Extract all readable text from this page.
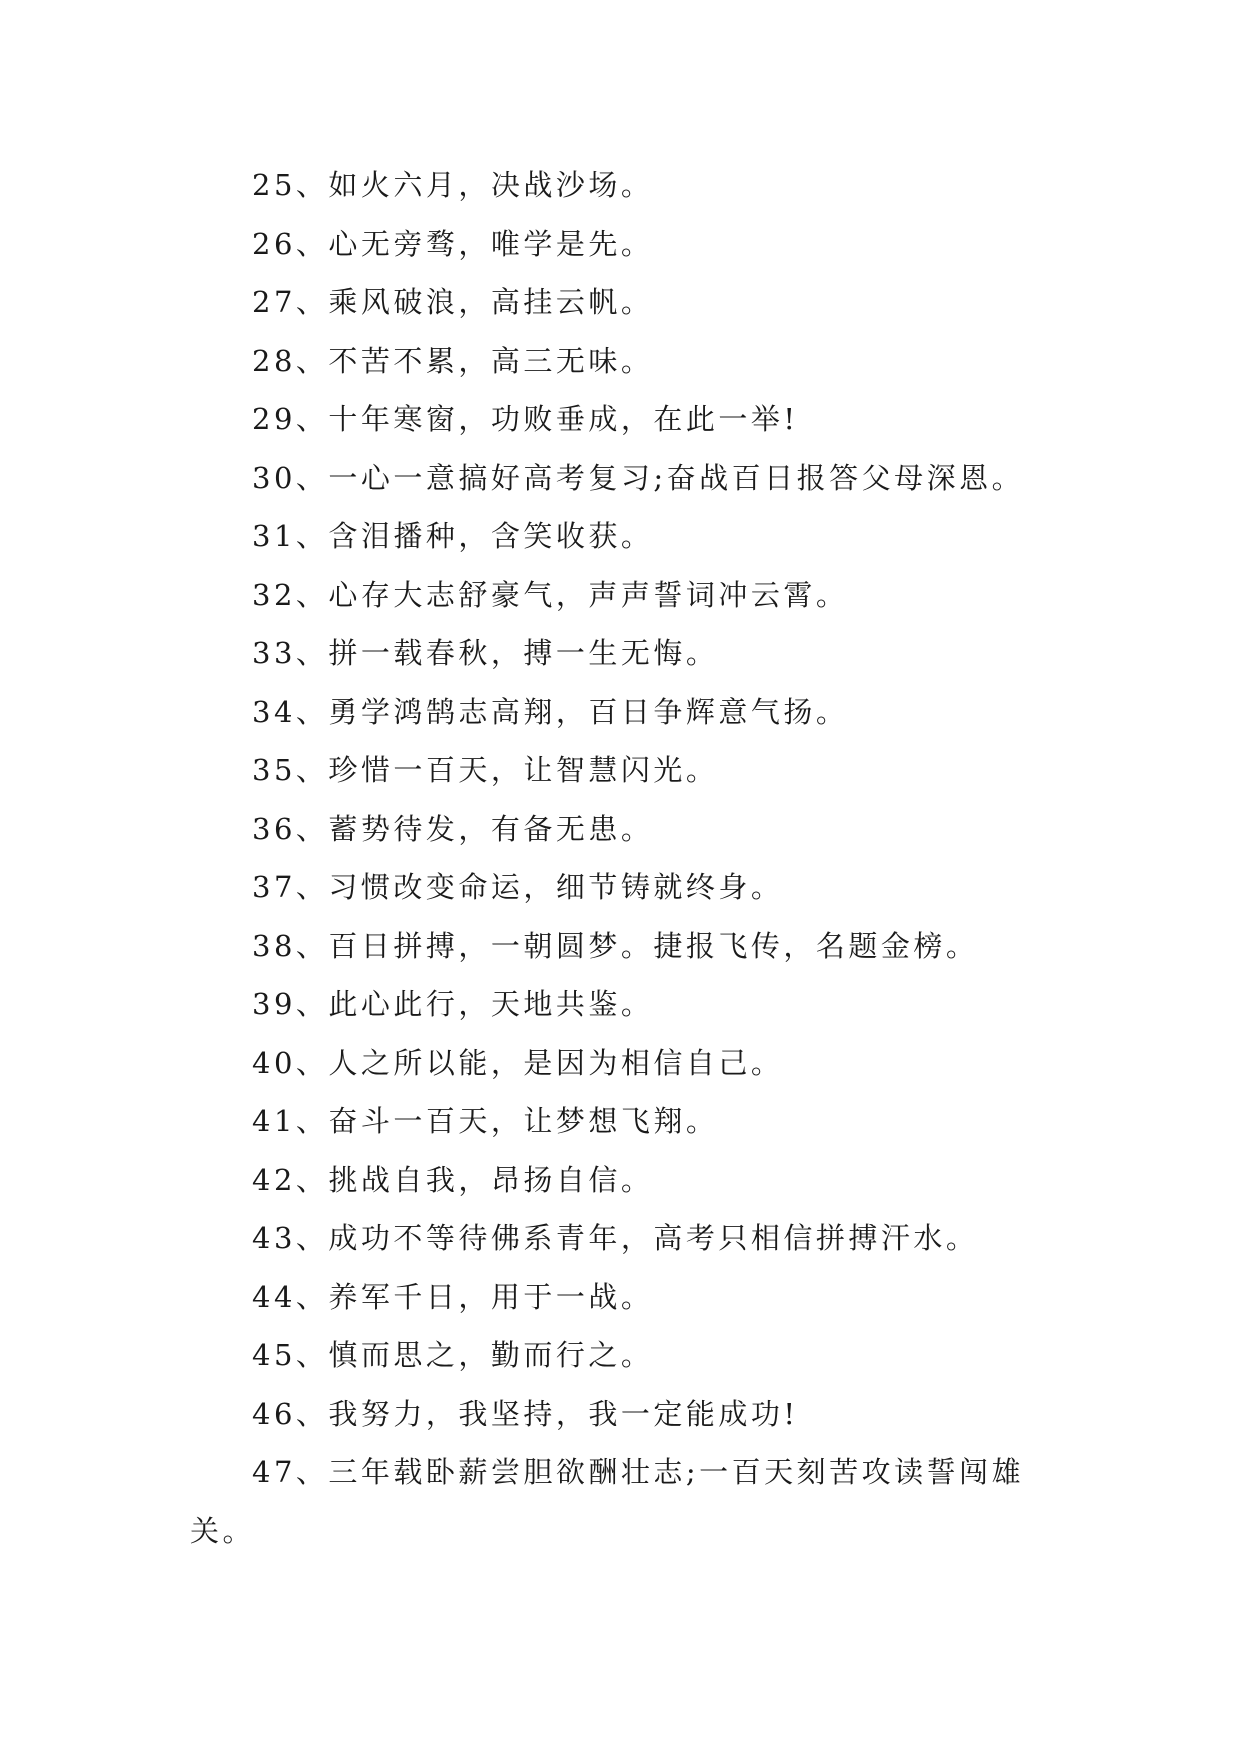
25、如火六月，决战沙场。
26、心无旁骛，唯学是先。
27、乘风破浪，高挂云帆。
28、不苦不累，高三无味。
29、十年寒窗，功败垂成，在此一举!
30、一心一意搞好高考复习;奋战百日报答父母深恩。
31、含泪播种，含笑收获。
32、心存大志舒豪气，声声誓词冲云霄。
33、拼一载春秋，搏一生无悔。
34、勇学鸿鹄志高翔，百日争辉意气扬。
35、珍惜一百天，让智慧闪光。
36、蓄势待发，有备无患。
37、习惯改变命运，细节铸就终身。
38、百日拼搏，一朝圆梦。捷报飞传，名题金榜。
39、此心此行，天地共鉴。
40、人之所以能，是因为相信自己。
41、奋斗一百天，让梦想飞翔。
42、挑战自我，昂扬自信。
43、成功不等待佛系青年，高考只相信拼搏汗水。
44、养军千日，用于一战。
45、慎而思之，勤而行之。
46、我努力，我坚持，我一定能成功!
47、三年载卧薪尝胆欲酬壮志;一百天刻苦攻读誓闯雄关。
